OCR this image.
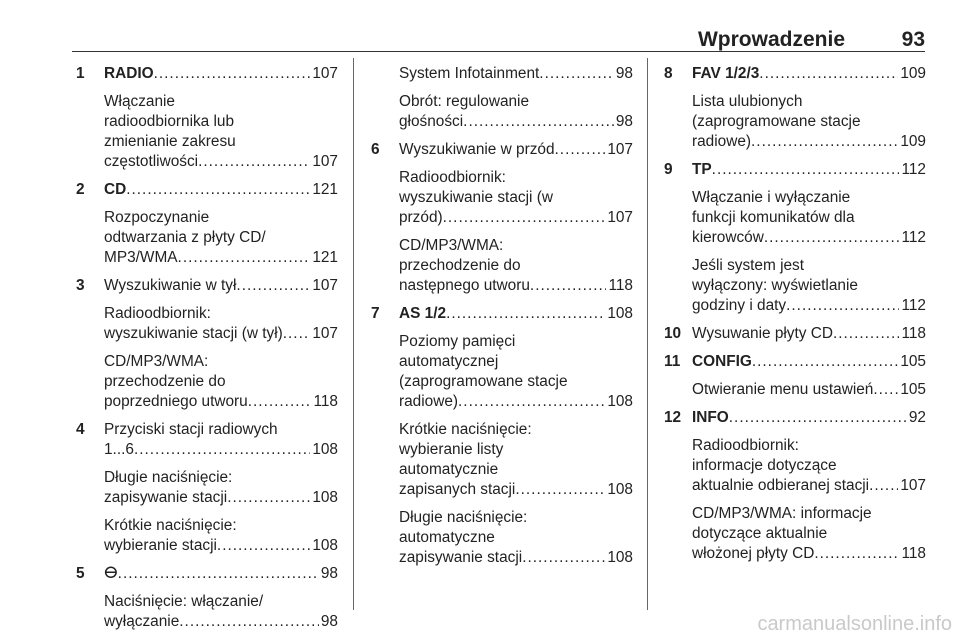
Wprowadzenie	93
1	RADIO .....	107
Włączanie
radioodbiornika lub
zmienianie zakresu
częstotliwości .....	107
2	CD .....	121
Rozpoczynanie
odtwarzania z płyty CD/
MP3/WMA .....	121
3	Wyszukiwanie w tył .....	107
Radioodbiornik:
wyszukiwanie stacji (w tył) ..... 107
CD/MP3/WMA:
przechodzenie do
poprzedniego utworu .....	118
4	Przyciski stacji radiowych
1...6 .....	108
Długie naciśnięcie:
zapisywanie stacji .....	108
Krótkie naciśnięcie:
wybieranie stacji .....	108
5	ⴱ .....	98
Naciśnięcie: włączanie/
wyłączanie .....	98
System Infotainment .....	98
Obrót: regulowanie
głośności .....	98
6	Wyszukiwanie w przód .....	107
Radioodbiornik:
wyszukiwanie stacji (w
przód) .....	107
CD/MP3/WMA:
przechodzenie do
następnego utworu .....	118
7	AS 1/2 .....	108
Poziomy pamięci
automatycznej
(zaprogramowane stacje
radiowe) .....	108
Krótkie naciśnięcie:
wybieranie listy
automatycznie
zapisanych stacji .....	108
Długie naciśnięcie:
automatyczne
zapisywanie stacji .....	108
8	FAV 1/2/3 .....	109
Lista ulubionych
(zaprogramowane stacje
radiowe) .....	109
9	TP .....	112
Włączanie i wyłączanie
funkcji komunikatów dla
kierowców .....	112
Jeśli system jest
wyłączony: wyświetlanie
godziny i daty .....	112
10 Wysuwanie płyty CD .....	118
11 CONFIG .....	105
Otwieranie menu ustawień ..... 105
12 INFO .....	92
Radioodbiornik:
informacje dotyczące
aktualnie odbieranej stacji ..... 107
CD/MP3/WMA: informacje
dotyczące aktualnie
włożonej płyty CD .....	118
carmanualsonline.info
